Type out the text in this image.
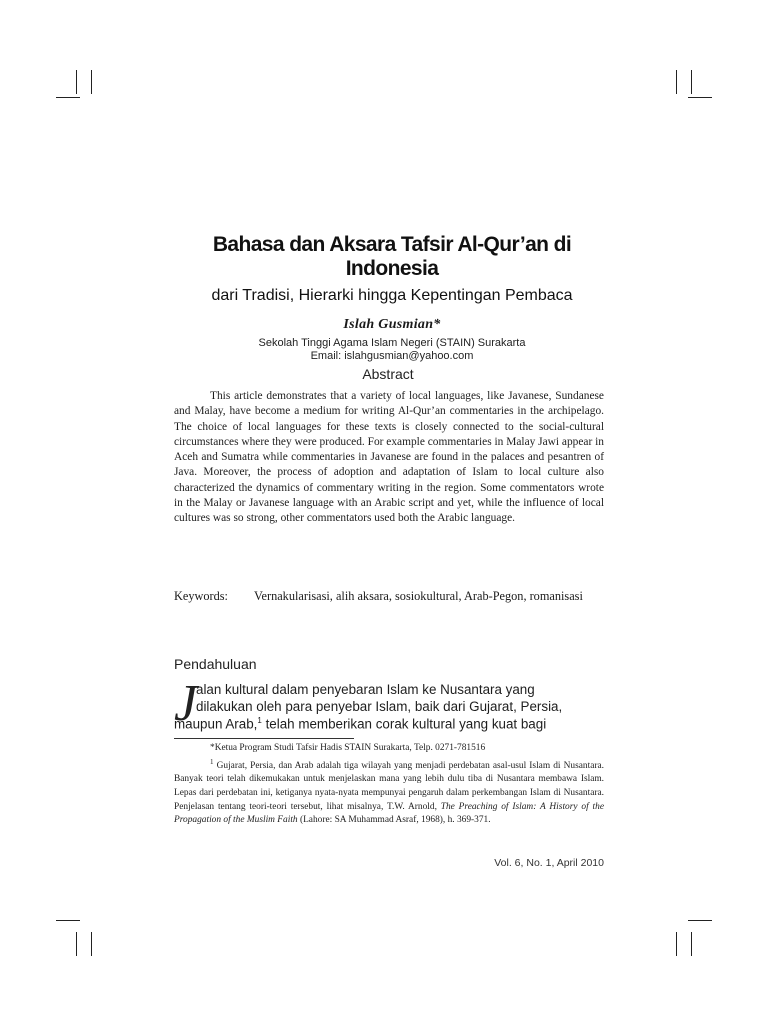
Bahasa dan Aksara Tafsir Al-Qur’an di Indonesia
dari Tradisi, Hierarki hingga Kepentingan Pembaca
Islah Gusmian*
Sekolah Tinggi Agama Islam Negeri (STAIN) Surakarta
Email: islahgusmian@yahoo.com
Abstract

This article demonstrates that a variety of local languages, like Javanese, Sundanese and Malay, have become a medium for writing Al-Qur’an commentaries in the archipelago. The choice of local languages for these texts is closely connected to the social-cultural circumstances where they were produced. For example commentaries in Malay Jawi appear in Aceh and Sumatra while commentaries in Javanese are found in the palaces and pesantren of Java. Moreover, the process of adoption and adaptation of Islam to local culture also characterized the dynamics of commentary writing in the region. Some commentators wrote in the Malay or Javanese language with an Arabic script and yet, while the influence of local cultures was so strong, other commentators used both the Arabic language.

Keywords:	Vernakularisasi, alih aksara, sosiokultural, Arab-Pegon, romanisasi
Pendahuluan
J
alan kultural dalam penyebaran Islam ke Nusantara yang
dilakukan oleh para penyebar Islam, baik dari Gujarat, Persia,
maupun Arab,$^1$ telah memberikan corak kultural yang kuat bagi
*Ketua Program Studi Tafsir Hadis STAIN Surakarta, Telp. 0271-781516
$^1$ Gujarat, Persia, dan Arab adalah tiga wilayah yang menjadi perdebatan asal-usul Islam di Nusantara. Banyak teori telah dikemukakan untuk menjelaskan mana yang lebih dulu tiba di Nusantara membawa Islam. Lepas dari perdebatan ini, ketiganya nyata-nyata mempunyai pengaruh dalam perkembangan Islam di Nusantara. Penjelasan tentang teori-teori tersebut, lihat misalnya, T.W. Arnold, The Preaching of Islam: A History of the Propagation of the Muslim Faith (Lahore: SA Muhammad Asraf, 1968), h. 369-371.
Vol. 6, No. 1, April 2010
